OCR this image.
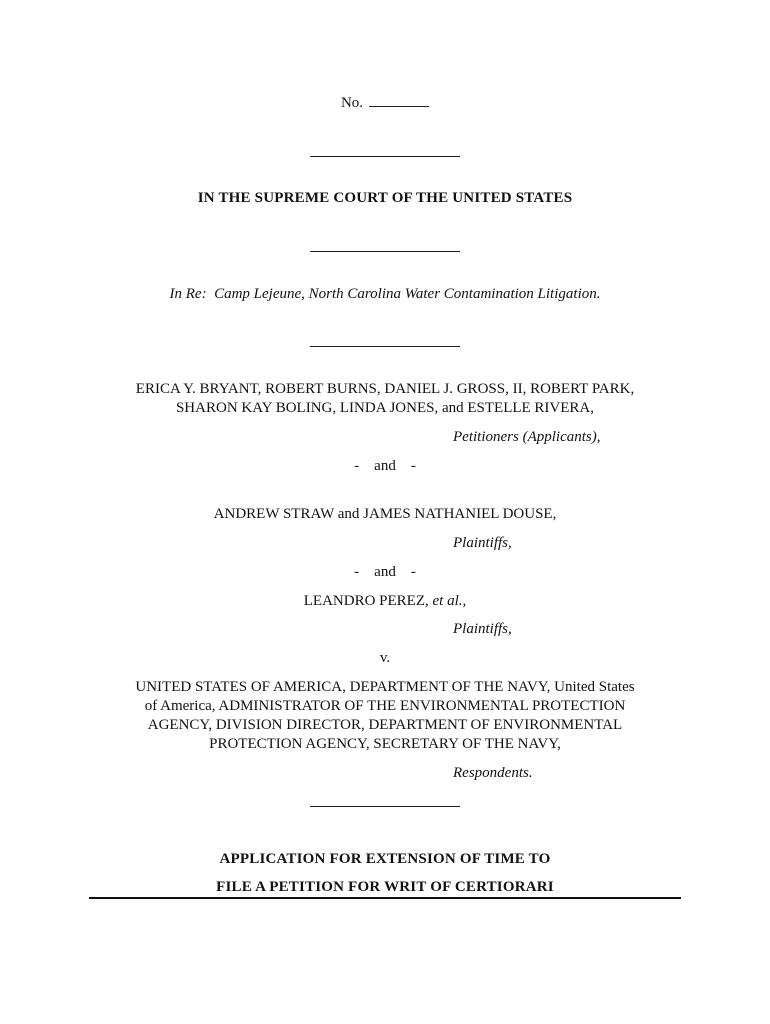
No.
IN THE SUPREME COURT OF THE UNITED STATES
In Re: Camp Lejeune, North Carolina Water Contamination Litigation.
ERICA Y. BRYANT, ROBERT BURNS, DANIEL J. GROSS, II, ROBERT PARK,
SHARON KAY BOLING, LINDA JONES, and ESTELLE RIVERA,
Petitioners (Applicants),
-    and    -
ANDREW STRAW and JAMES NATHANIEL DOUSE,
Plaintiffs,
-    and    -
LEANDRO PEREZ, et al.,
Plaintiffs,
v.
UNITED STATES OF AMERICA, DEPARTMENT OF THE NAVY, United States
of America, ADMINISTRATOR OF THE ENVIRONMENTAL PROTECTION
AGENCY, DIVISION DIRECTOR, DEPARTMENT OF ENVIRONMENTAL
PROTECTION AGENCY, SECRETARY OF THE NAVY,
Respondents.
APPLICATION FOR EXTENSION OF TIME TO
FILE A PETITION FOR WRIT OF CERTIORARI
